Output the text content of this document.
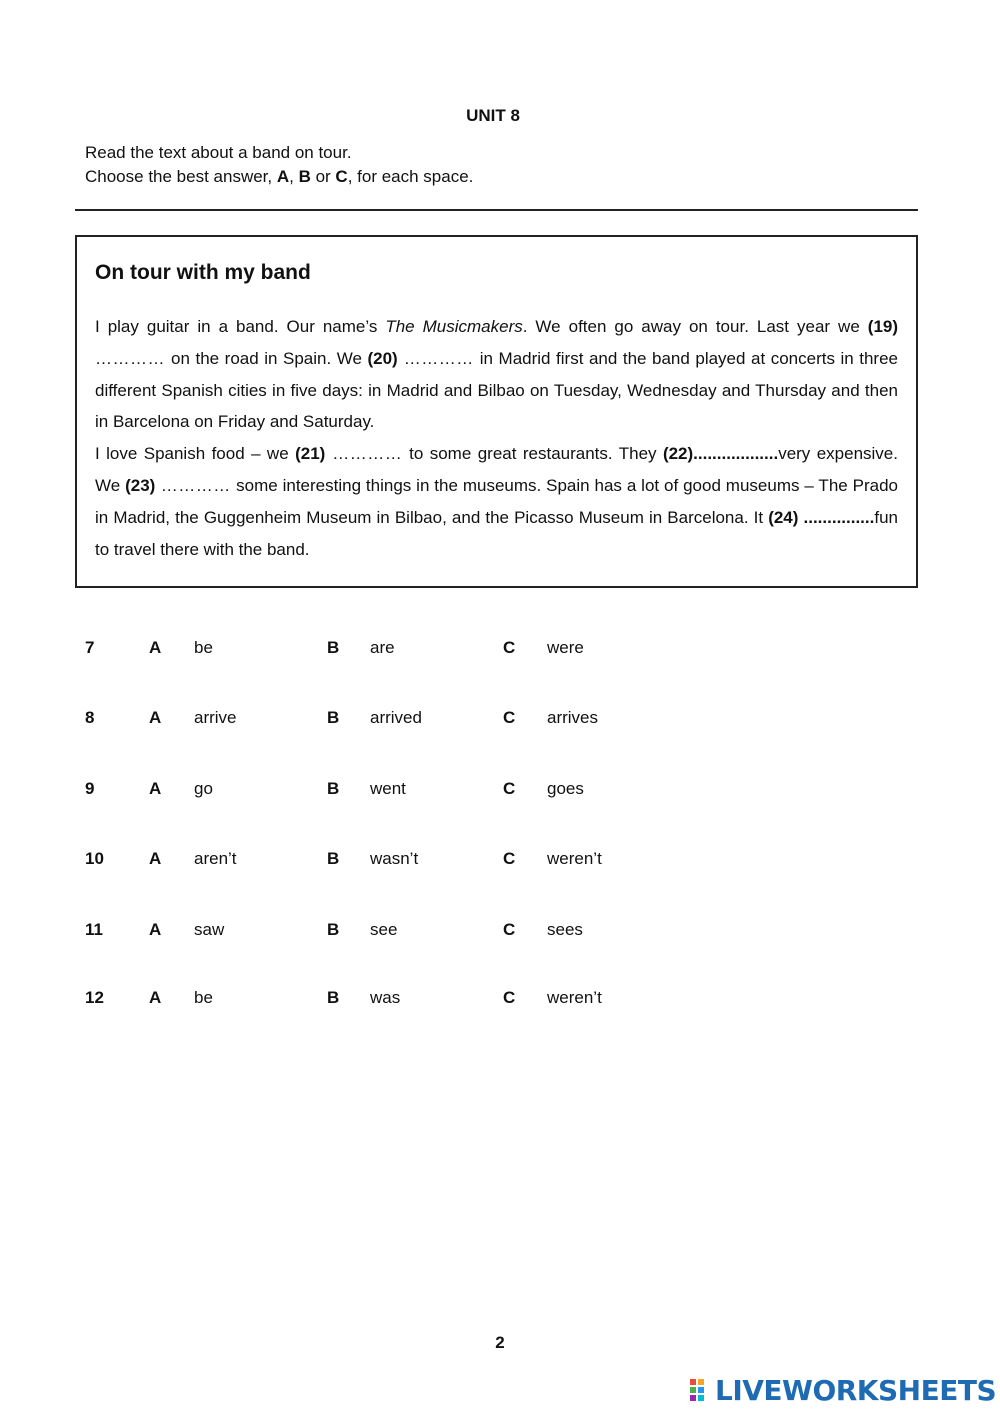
UNIT 8
Read the text about a band on tour.
Choose the best answer, A, B or C, for each space.
On tour with my band

I play guitar in a band. Our name’s The Musicmakers. We often go away on tour. Last year we (19) ………… on the road in Spain. We (20) ………… in Madrid first and the band played at concerts in three different Spanish cities in five days: in Madrid and Bilbao on Tuesday, Wednesday and Thursday and then in Barcelona on Friday and Saturday.

I love Spanish food – we (21) ………… to some great restaurants. They (22)..................very expensive. We (23) ………… some interesting things in the museums. Spain has a lot of good museums – The Prado in Madrid, the Guggenheim Museum in Bilbao, and the Picasso Museum in Barcelona. It (24) ...............fun to travel there with the band.

7	A be	B are	C were
8	A arrive	B arrived	C arrives
9	A go	B went	C goes
10	A aren’t	B wasn’t	C weren’t
11	A saw	B see	C sees
12	A be	B was	C weren’t
2
LIVEWORKSHEETS
